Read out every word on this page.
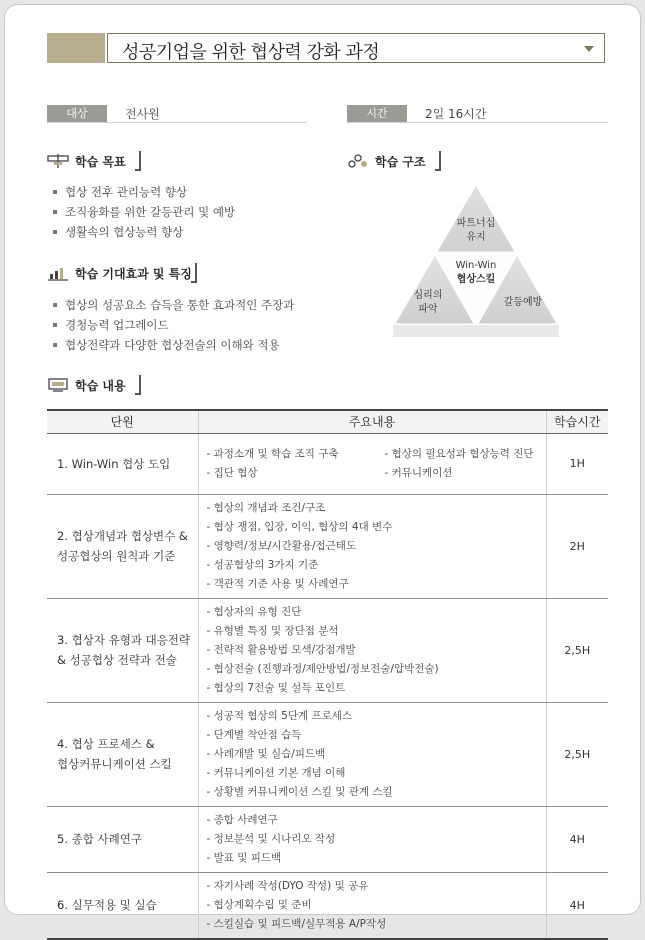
성공기업을 위한 협상력 강화 과정
대상	전사원	시간	2일 16시간
학습 목표
협상 전후 관리능력 향상
조직융화를 위한 갈등관리 및 예방
생활속의 협상능력 향상
학습 기대효과 및 특징
협상의 성공요소 습득을 통한 효과적인 주장과
경청능력 업그레이드
협상전략과 다양한 협상전술의 이해와 적용
학습 구조
파트너십
유지
Win-Win
협상스킬
심리의
파악
갈등예방
학습 내용
단원	주요내용	학습시간
1. Win-Win 협상 도입	- 과정소개 및 학습 조직 구축 - 협상의 필요성과 협상능력 진단
- 집단 협상 - 커뮤니케이션	1H

2. 협상개념과 협상변수 &
성공협상의 원칙과 기준	- 협상의 개념과 조건/구조
- 협상 쟁점, 입장, 이익, 협상의 4대 변수
- 영향력/정보/시간활용/접근태도
- 성공협상의 3가지 기준
- 객관적 기준 사용 및 사례연구	2H

3. 협상자 유형과 대응전략
& 성공협상 전략과 전술	- 협상자의 유형 진단
- 유형별 특징 및 장단점 분석
- 전략적 활용방법 모색/강점개발
- 협상전술 (진행과정/제안방법/정보전술/압박전술)
- 협상의 7전술 및 설득 포인트	2,5H

4. 협상 프로세스 &
협상커뮤니케이션 스킬	- 성공적 협상의 5단계 프로세스
- 단계별 착안점 습득
- 사례개발 및 실습/피드백
- 커뮤니케이션 기본 개념 이해
- 상황별 커뮤니케이션 스킬 및 관계 스킬	2,5H
5. 종합 사례연구	- 종합 사례연구
- 정보분석 및 시나리오 작성
- 발표 및 피드백	4H
6. 실무적용 및 실습	- 자기사례 작성(DYO 작성) 및 공유
- 협상계획수립 및 준비
- 스킬실습 및 피드백/실무적용 A/P작성	4H
